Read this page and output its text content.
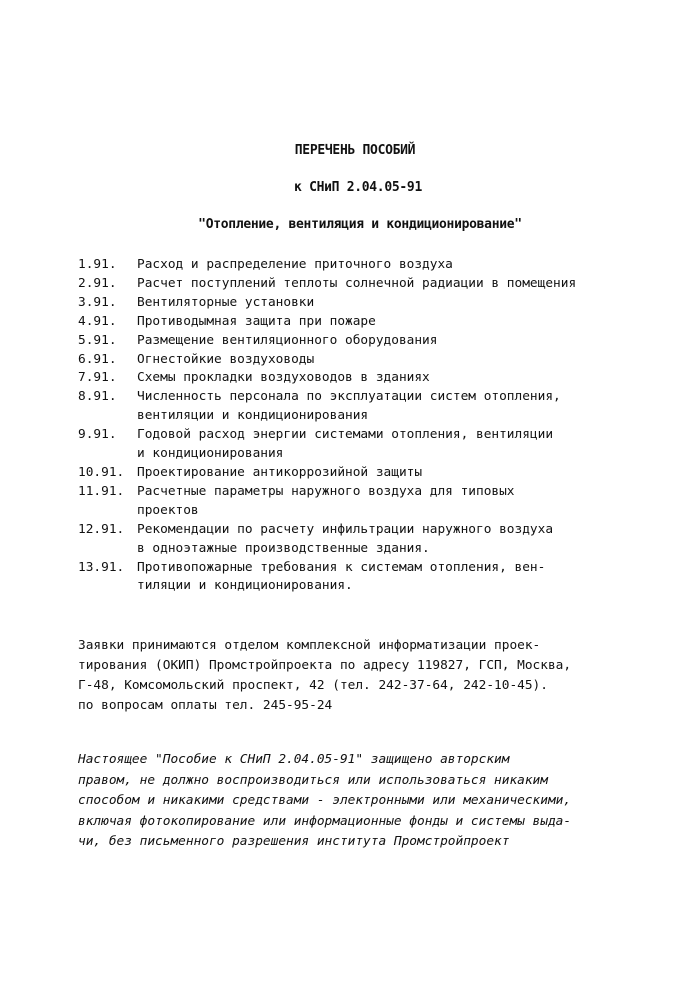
ПЕРЕЧЕНЬ ПОСОБИЙ
к СНиП 2.04.05-91
"Отопление, вентиляция и кондиционирование"
1.91.	Расход и распределение приточного воздуха
2.91.	Расчет поступлений теплоты солнечной радиации в помещения
3.91.	Вентиляторные установки
4.91.	Противодымная защита при пожаре
5.91.	Размещение вентиляционного оборудования
6.91.	Огнестойкие воздуховоды
7.91.	Схемы прокладки воздуховодов в зданиях
8.91.	Численность персонала по эксплуатации систем отопления,
вентиляции и кондиционирования
9.91.	Годовой расход энергии системами отопления, вентиляции
и кондиционирования
10.91. Проектирование антикоррозийной защиты
11.91. Расчетные параметры наружного воздуха для типовых
проектов
12.91. Рекомендации по расчету инфильтрации наружного воздуха
в одноэтажные производственные здания.
13.91. Противопожарные требования к системам отопления, вен-
тиляции и кондиционирования.
Заявки принимаются отделом комплексной информатизации проек-
тирования (ОКИП) Промстройпроекта по адресу 119827, ГСП, Москва,
Г-48, Комсомольский проспект, 42 (тел. 242-37-64, 242-10-45).
по вопросам оплаты тел. 245-95-24
Настоящее "Пособие к СНиП 2.04.05-91" защищено авторским
правом, не должно воспроизводиться или использоваться никаким
способом и никакими средствами - электронными или механическими,
включая фотокопирование или информационные фонды и системы выда-
чи, без письменного разрешения института Промстройпроект
